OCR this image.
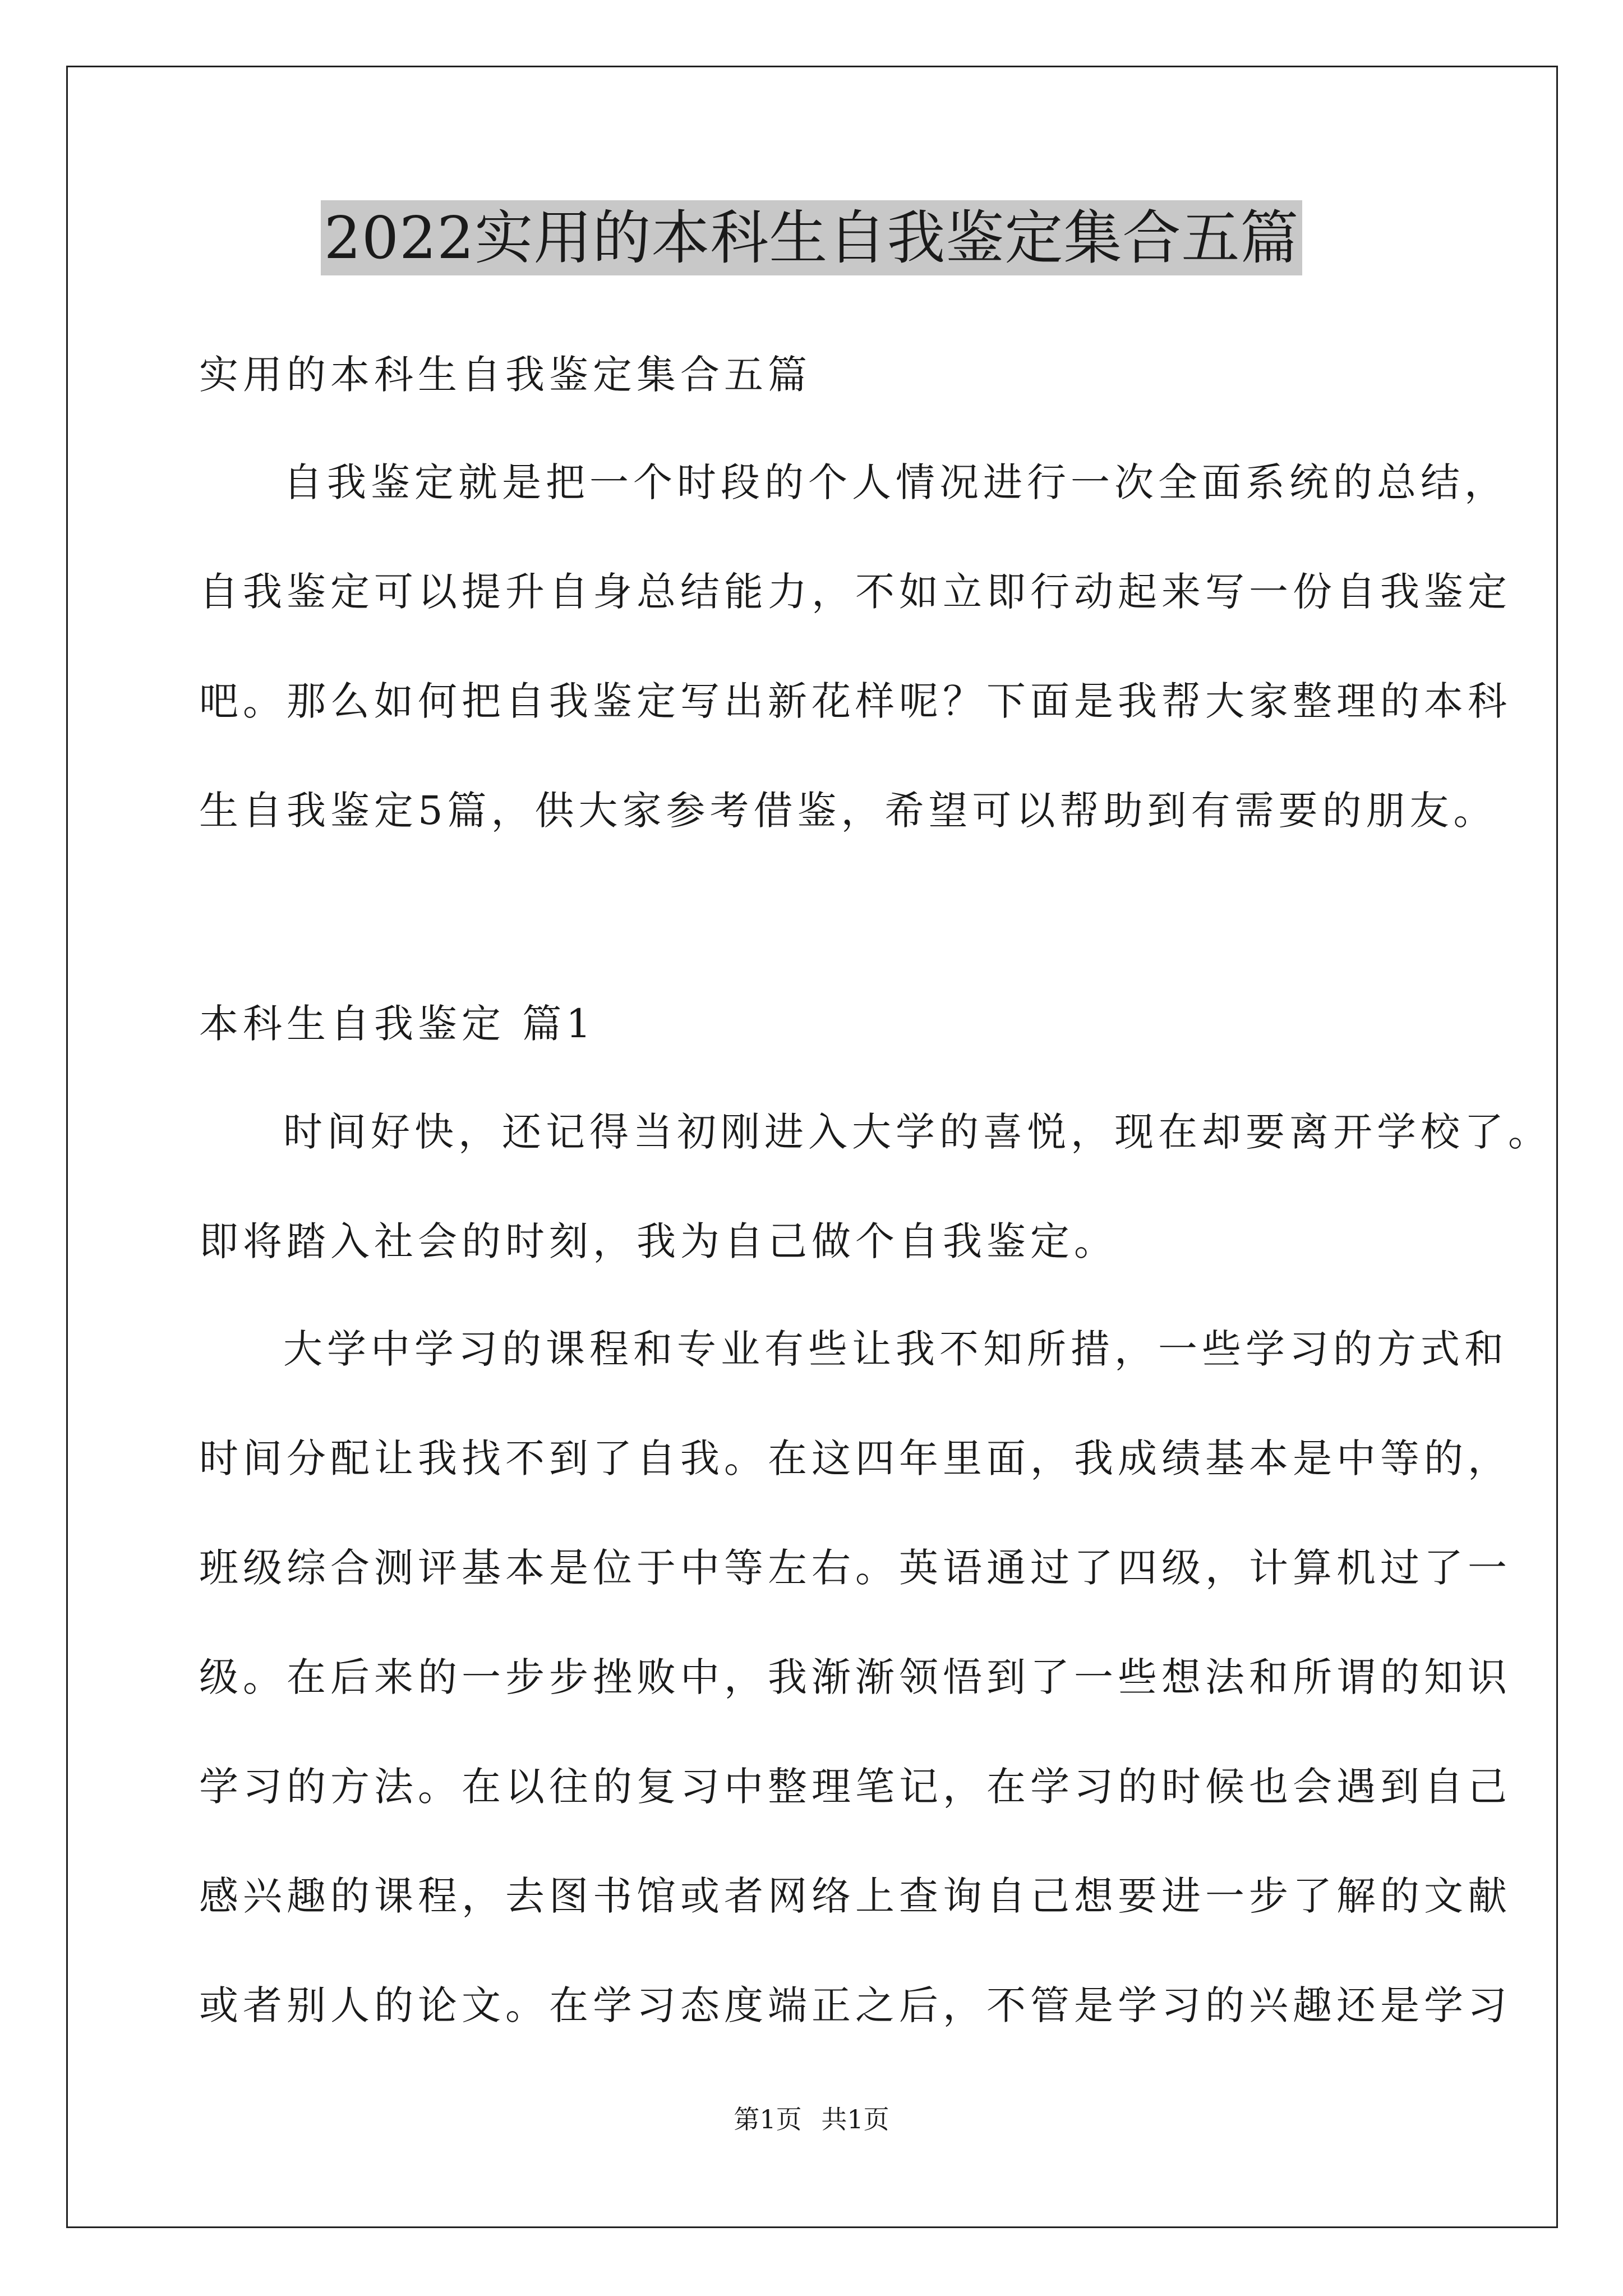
2022实用的本科生自我鉴定集合五篇
实用的本科生自我鉴定集合五篇
自我鉴定就是把一个时段的个人情况进行一次全面系统的总结，
自我鉴定可以提升自身总结能力，不如立即行动起来写一份自我鉴定
吧。那么如何把自我鉴定写出新花样呢？下面是我帮大家整理的本科
生自我鉴定5篇，供大家参考借鉴，希望可以帮助到有需要的朋友。
本科生自我鉴定 篇1
时间好快，还记得当初刚进入大学的喜悦，现在却要离开学校了。
即将踏入社会的时刻，我为自己做个自我鉴定。
大学中学习的课程和专业有些让我不知所措，一些学习的方式和
时间分配让我找不到了自我。在这四年里面，我成绩基本是中等的，
班级综合测评基本是位于中等左右。英语通过了四级，计算机过了一
级。在后来的一步步挫败中，我渐渐领悟到了一些想法和所谓的知识
学习的方法。在以往的复习中整理笔记，在学习的时候也会遇到自己
感兴趣的课程，去图书馆或者网络上查询自己想要进一步了解的文献
或者别人的论文。在学习态度端正之后，不管是学习的兴趣还是学习
第1页 共1页
